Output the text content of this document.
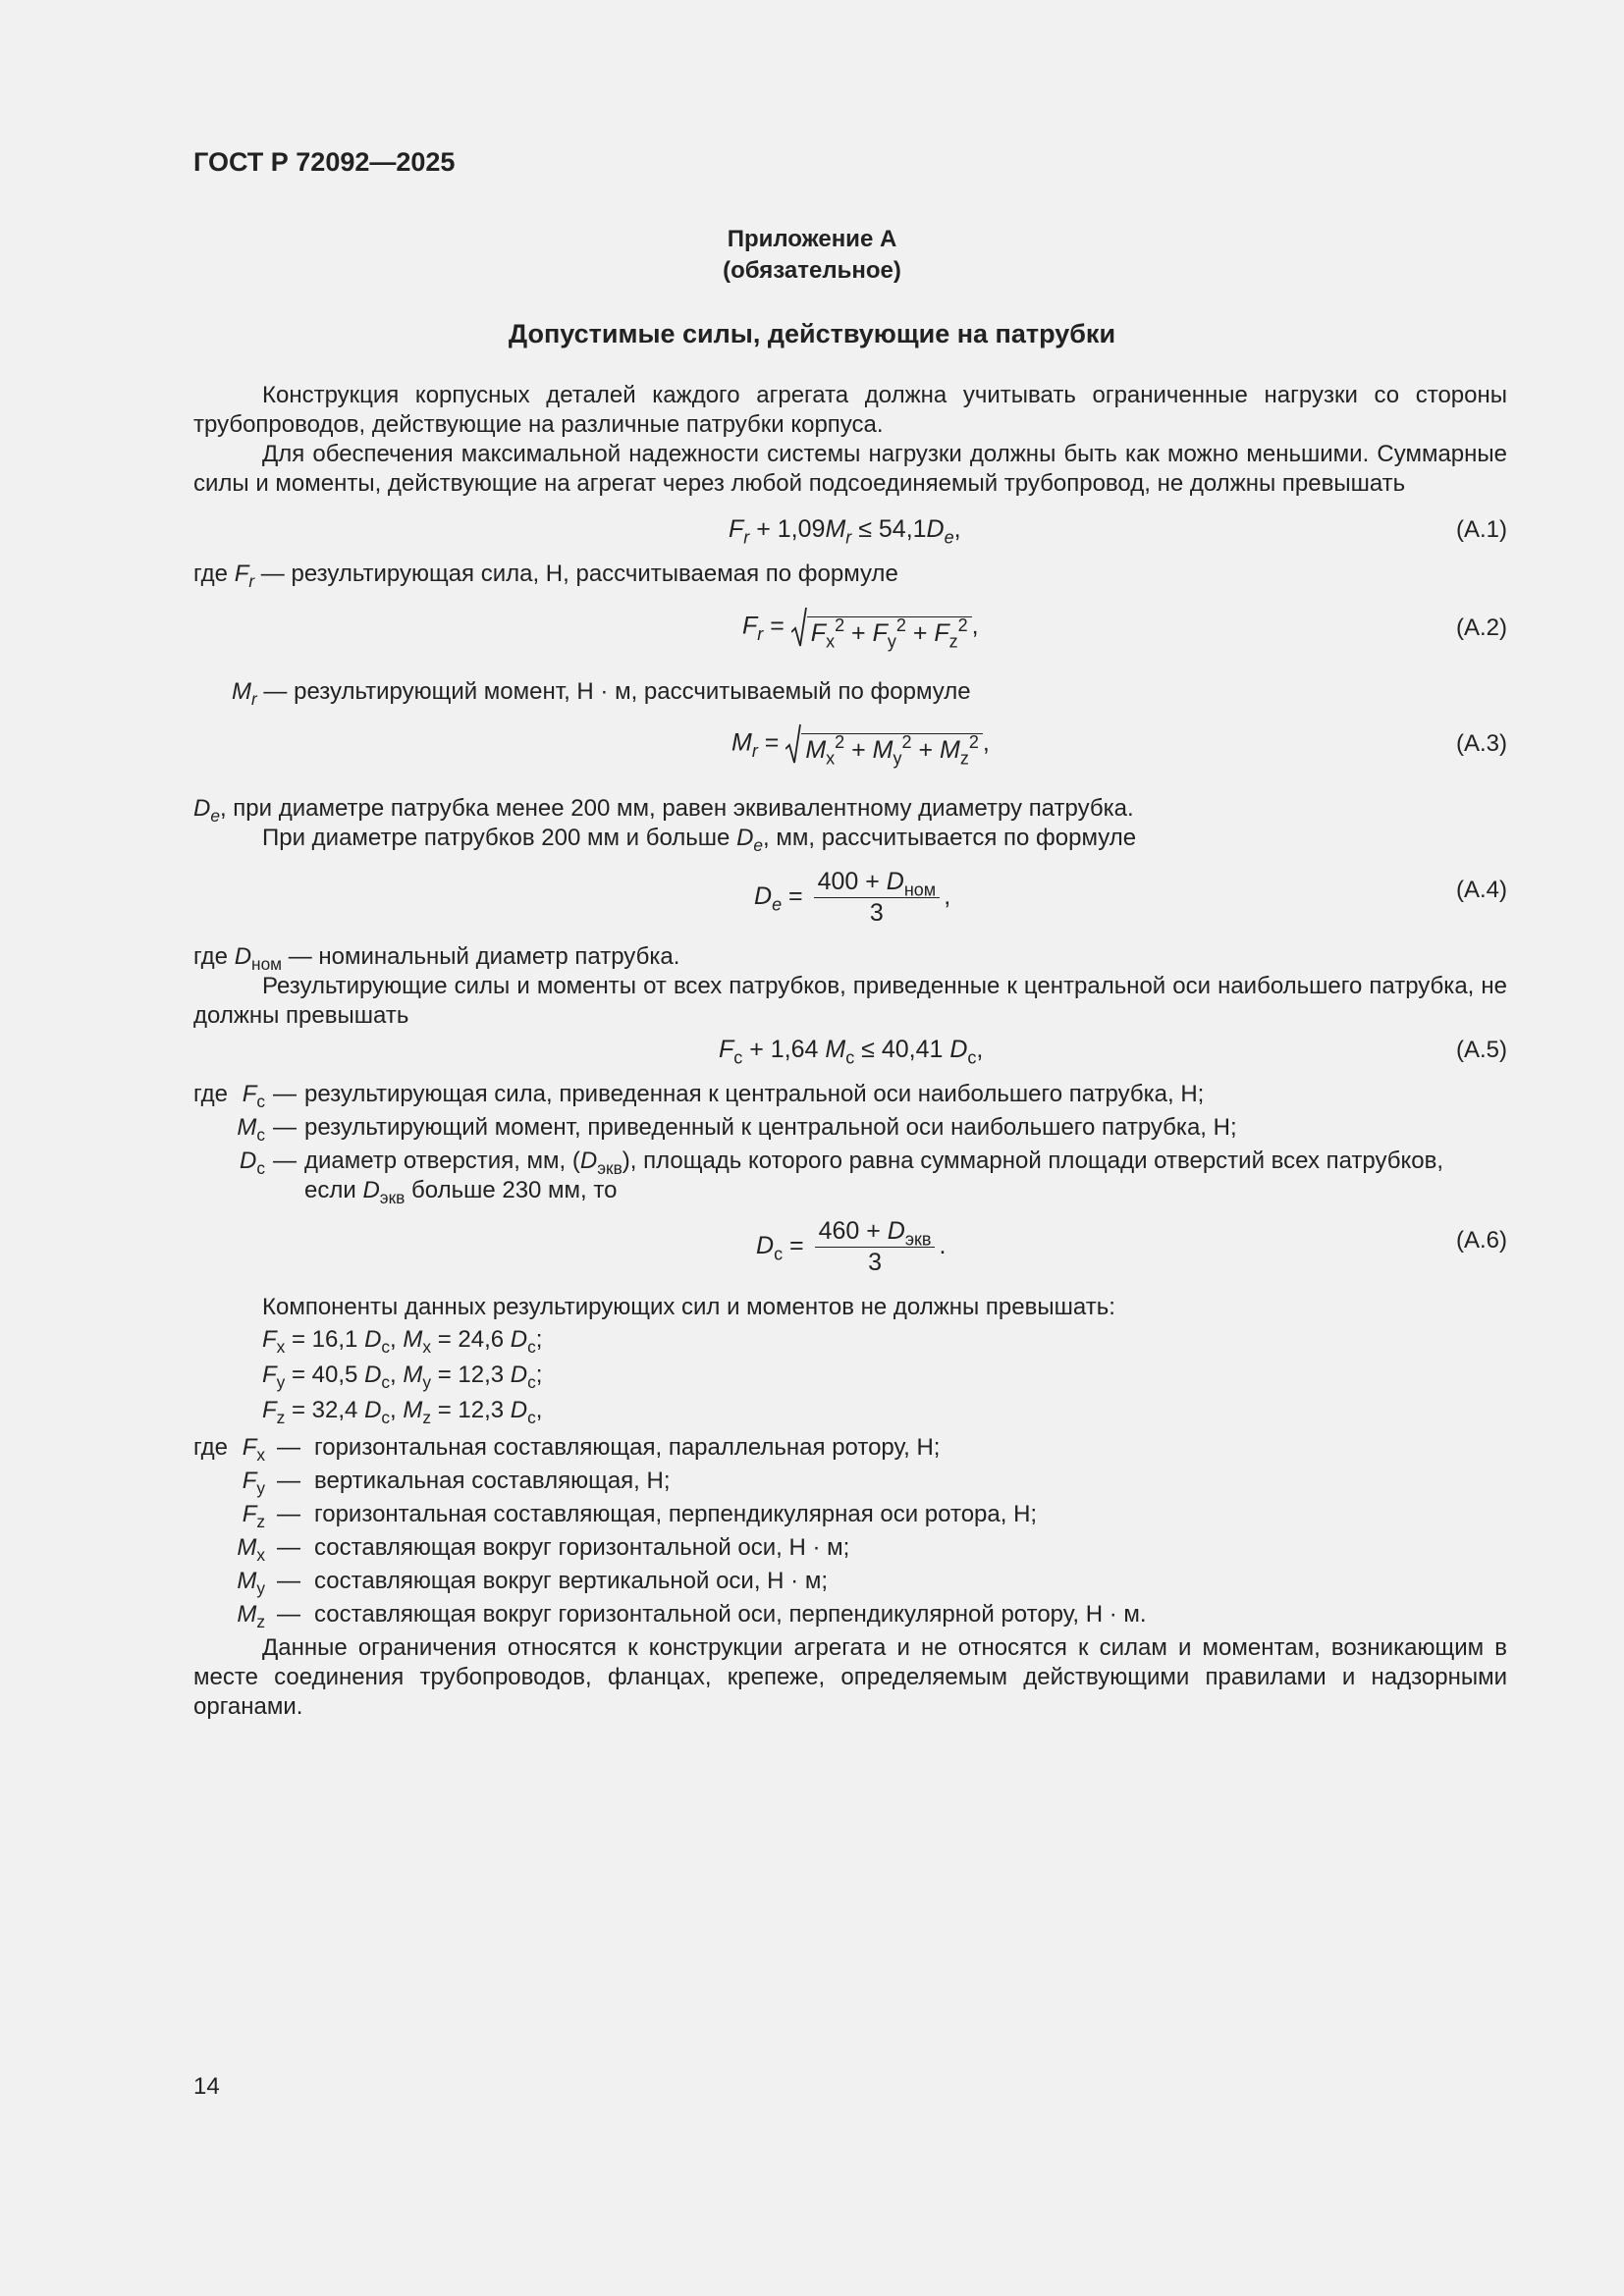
ГОСТ Р 72092—2025
Приложение А
(обязательное)
Допустимые силы, действующие на патрубки
Конструкция корпусных деталей каждого агрегата должна учитывать ограниченные нагрузки со стороны трубопроводов, действующие на различные патрубки корпуса.
Для обеспечения максимальной надежности системы нагрузки должны быть как можно меньшими. Суммарные силы и моменты, действующие на агрегат через любой подсоединяемый трубопровод, не должны превышать
$F_r + 1,09M_r \le 54,1D_e$,	(А.1)
где $F_r$ — результирующая сила, Н, рассчитываемая по формуле
$F_r = F_x^2 + F_y^2 + F_z^2$ ,	(А.2)
$M_r$ — результирующий момент, Н · м, рассчитываемый по формуле
$M_r = M_x^2 + M_y^2 + M_z^2$ ,	(А.3)
$D_e$, при диаметре патрубка менее 200 мм, равен эквивалентному диаметру патрубка.
При диаметре патрубков 200 мм и больше $D_e$, мм, рассчитывается по формуле
$D_e = \frac{400 + D_{ном}}{3}$ ,	(А.4)
где $D_{ном}$ — номинальный диаметр патрубка.
Результирующие силы и моменты от всех патрубков, приведенные к центральной оси наибольшего патрубка, не должны превышать
$F_c + 1,64$ $M_c \le 40,41$ $D_c$,	(А.5)
где $F_c$ — результирующая сила, приведенная к центральной оси наибольшего патрубка, Н;
$M_c$ — результирующий момент, приведенный к центральной оси наибольшего патрубка, Н;
$D_c$ — диаметр отверстия, мм, $(D_{экв})$, площадь которого равна суммарной площади отверстий всех патрубков,
если $D_{экв}$ больше 230 мм, то
$D_c = \frac{460 + D_{экв}}{3}$ .	(А.6)
Компоненты данных результирующих сил и моментов не должны превышать:
$F_x = 16,1$ $D_c$, $M_x = 24,6$ $D_c$;
$F_y = 40,5$ $D_c$, $M_y = 12,3$ $D_c$;
$F_z = 32,4$ $D_c$, $M_z = 12,3$ $D_c$,
где $F_x$ — горизонтальная составляющая, параллельная ротору, Н;
$F_y$ — вертикальная составляющая, Н;
$F_z$ — горизонтальная составляющая, перпендикулярная оси ротора, Н;
$M_x$ — составляющая вокруг горизонтальной оси, Н · м;
$M_y$ — составляющая вокруг вертикальной оси, Н · м;
$M_z$ — составляющая вокруг горизонтальной оси, перпендикулярной ротору, Н · м.
Данные ограничения относятся к конструкции агрегата и не относятся к силам и моментам, возникающим в месте соединения трубопроводов, фланцах, крепеже, определяемым действующими правилами и надзорными органами.
14
